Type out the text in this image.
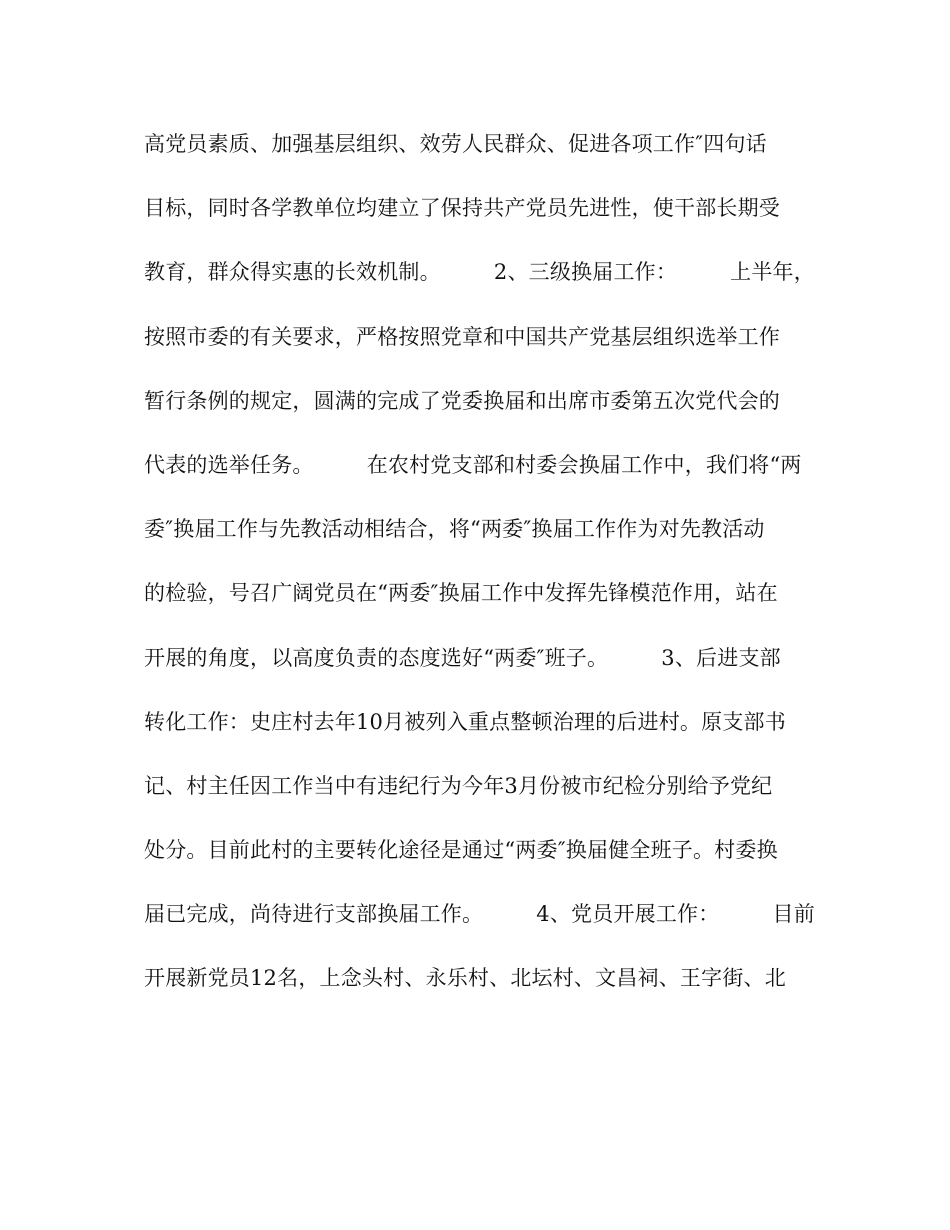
高党员素质、加强基层组织、效劳人民群众、促进各项工作″四句话
目标，同时各学教单位均建立了保持共产党员先进性，使干部长期受
教育，群众得实惠的长效机制。　　　2、三级换届工作：　　　上半年，
按照市委的有关要求，严格按照党章和中国共产党基层组织选举工作
暂行条例的规定，圆满的完成了党委换届和出席市委第五次党代会的
代表的选举任务。　　　在农村党支部和村委会换届工作中，我们将“两
委″换届工作与先教活动相结合，将“两委″换届工作作为对先教活动
的检验，号召广阔党员在“两委″换届工作中发挥先锋模范作用，站在
开展的角度，以高度负责的态度选好“两委″班子。　　　3、后进支部
转化工作：史庄村去年10月被列入重点整顿治理的后进村。原支部书
记、村主任因工作当中有违纪行为今年3月份被市纪检分别给予党纪
处分。目前此村的主要转化途径是通过“两委″换届健全班子。村委换
届已完成，尚待进行支部换届工作。　　　4、党员开展工作：　　　目前
开展新党员12名，上念头村、永乐村、北坛村、文昌祠、王字街、北
